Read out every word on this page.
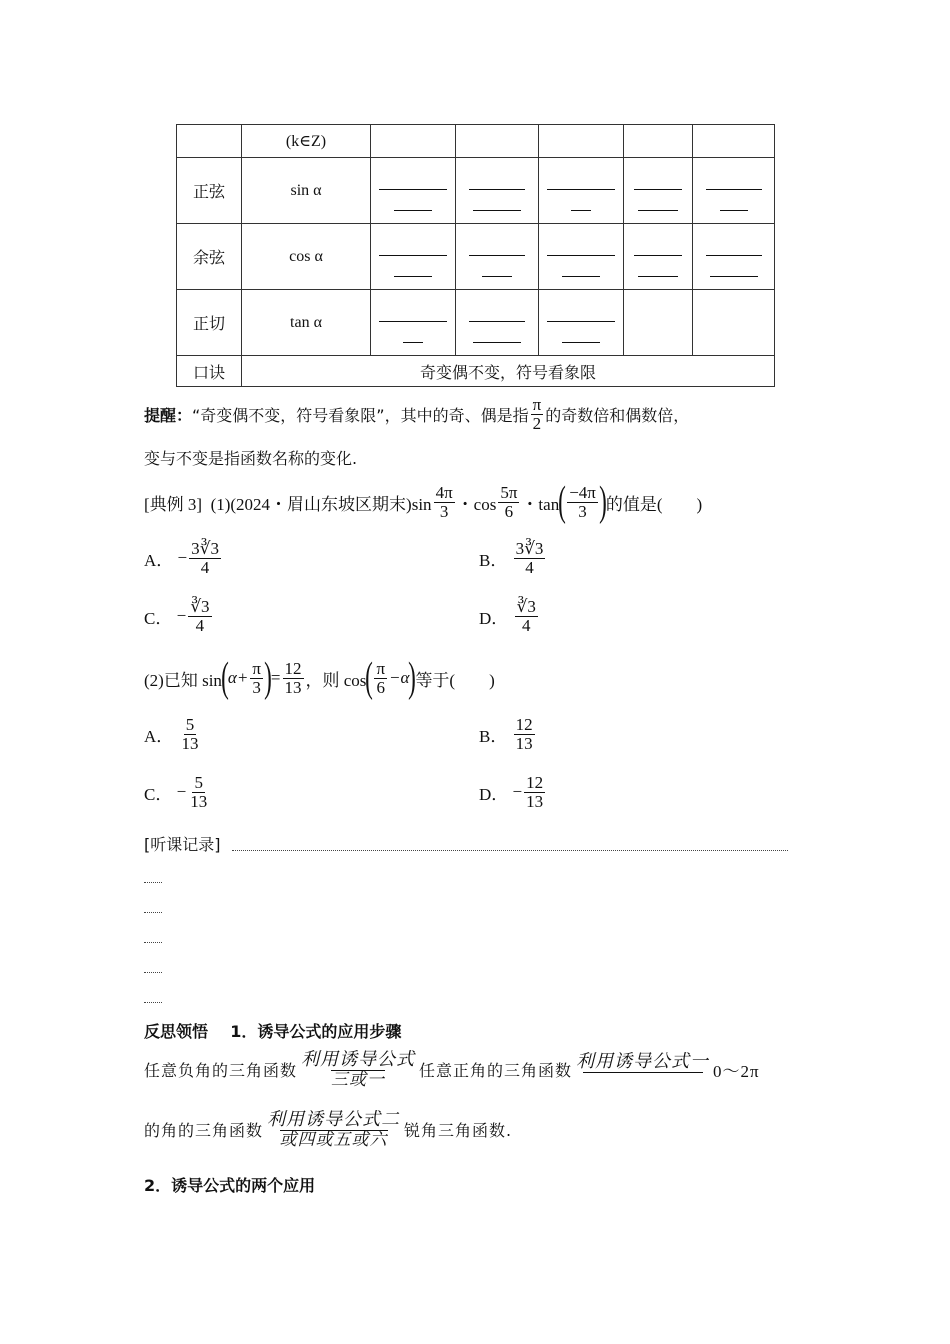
	(k∈Z)					
正弦	sin α	

余弦	cos α	

正切	tan α	

口诀	奇变偶不变，符号看象限					
提醒： “奇变偶不变，符号看象限”，其中的奇、偶是指 $\frac{\pi}{2}$ 的奇数倍和偶数倍，
变与不变是指函数名称的变化.
[典例 3]
(1)(2024・眉山东坡区期末)$\sin \frac{4\pi}{3}$ ・$\cos \frac{5\pi}{6}$ ・tan ( $\frac{-4\pi}{3}$ ) 的值是(　　)
A．
− $\frac{3∛3}{4}$	B．
$\frac{3∛3}{4}$
C．
− $\frac{∛3}{4}$	D．
$\frac{∛3}{4}$
(2)已知 sin ( $\alpha+ \frac{\pi}{3}$ ) = $\frac{12}{13}$ ，则 cos ( $\frac{\pi}{6} -\alpha$ ) 等于(　　)
A．
$\frac{5}{13}$	B．
$\frac{12}{13}$
C．
− $\frac{5}{13}$	D．
− $\frac{12}{13}$
[听课记录]
反思领悟
1．诱导公式的应用步骤
任意负角的三角函数
利用诱导公式
三或一 任意正角的三角函数 利用诱导公式一 0～2π
的角的三角函数
利用诱导公式二
或四或五或六 锐角三角函数.
2．诱导公式的两个应用
